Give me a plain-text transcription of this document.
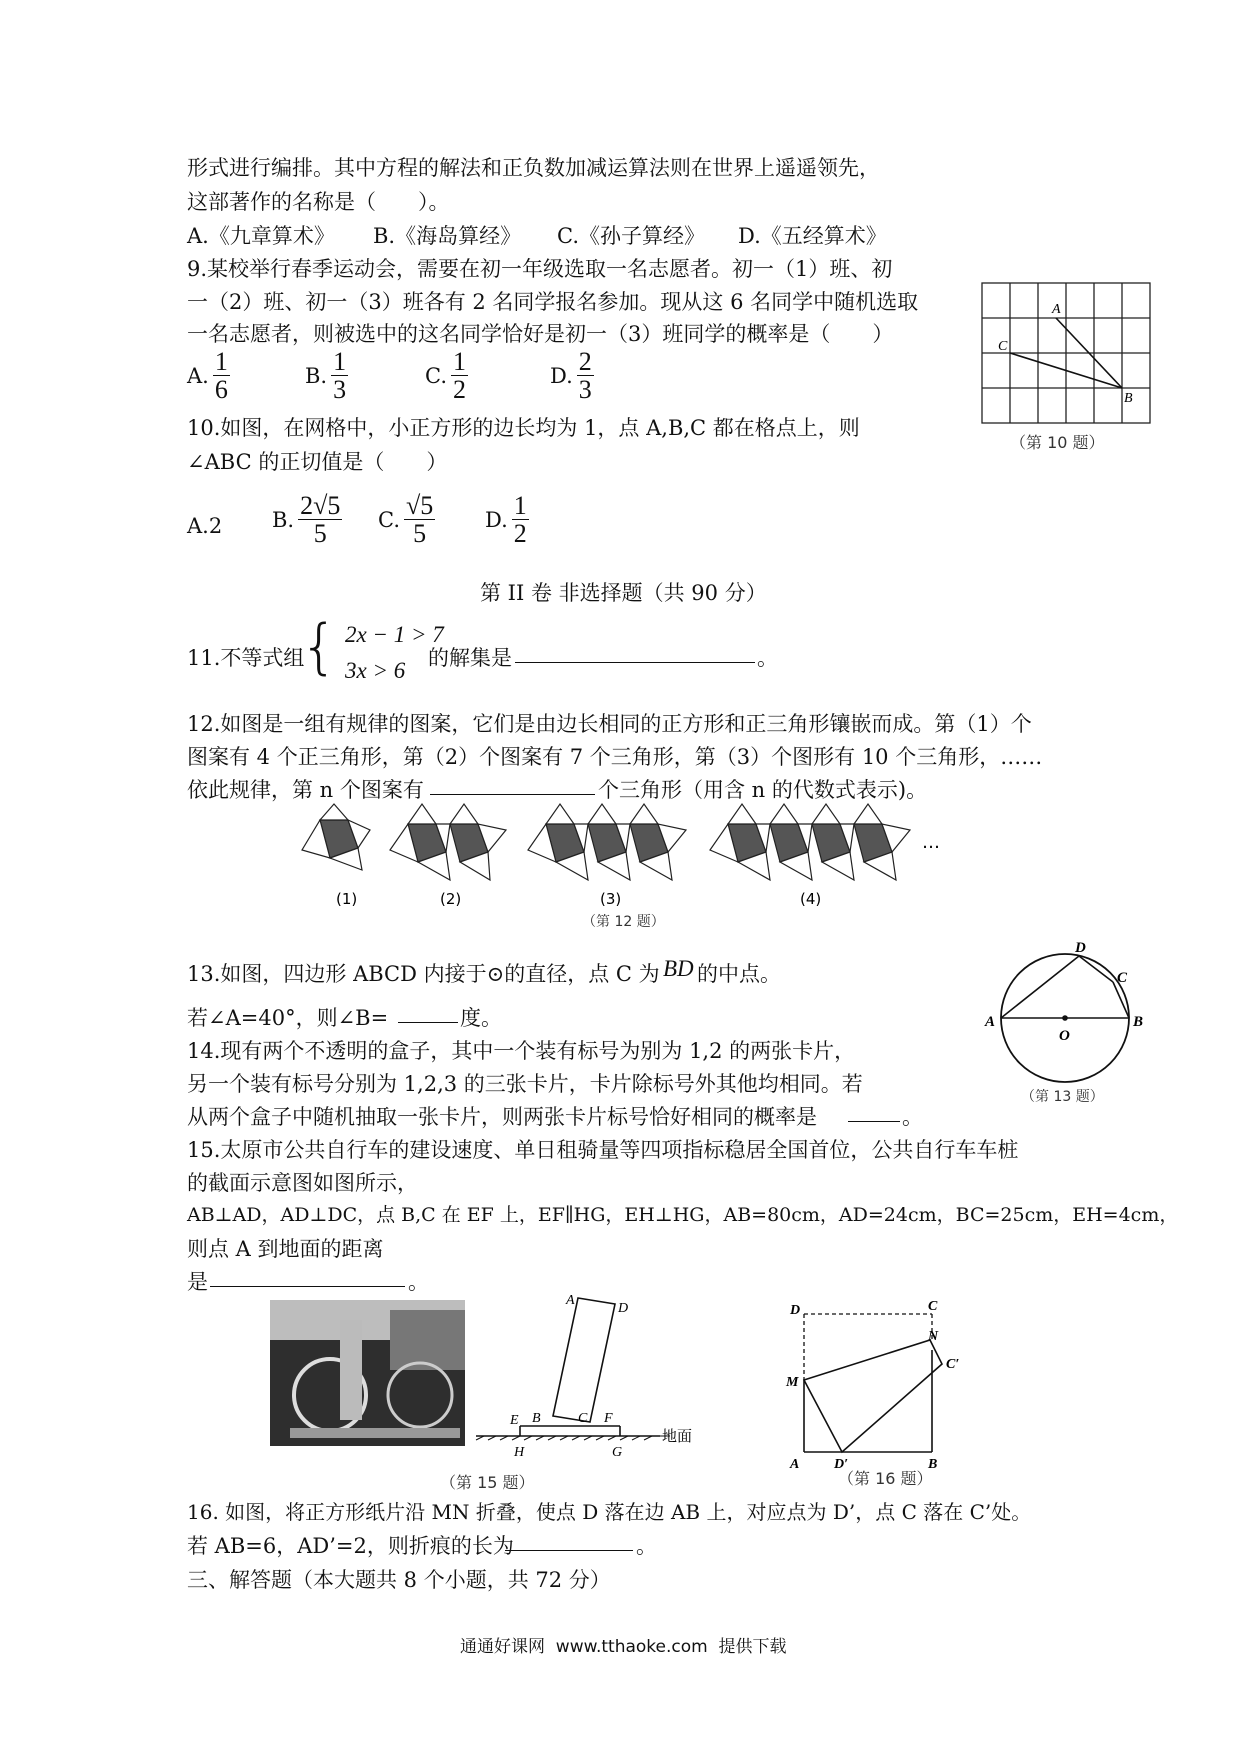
形式进行编排。其中方程的解法和正负数加减运算法则在世界上遥遥领先，
这部著作的名称是（　　）。
A.《九章算术》 B.《海岛算经》 C.《孙子算经》 D.《五经算术》
9.某校举行春季运动会，需要在初一年级选取一名志愿者。初一（1）班、初
一（2）班、初一（3）班各有 2 名同学报名参加。现从这 6 名同学中随机选取
一名志愿者，则被选中的这名同学恰好是初一（3）班同学的概率是（　　）
A. $\frac{1}{6}$	B. $\frac{1}{3}$	C. $\frac{1}{2}$	D. $\frac{2}{3}$
A
C
B
（第 10 题）
10.如图，在网格中，小正方形的边长均为 1，点 A,B,C 都在格点上，则
∠ABC 的正切值是（　　）
A.2 B. $\frac{2√5}{5} C$. $\frac{√5}{5} D$. $\frac{1}{2}$
第 II 卷 非选择题（共 90 分）
11.不等式组
{ 2x − 1 > 7
3x > 6 的解集是	。
12.如图是一组有规律的图案，它们是由边长相同的正方形和正三角形镶嵌而成。第（1）个
图案有 4 个正三角形，第（2）个图案有 7 个三角形，第（3）个图形有 10 个三角形，……
依此规律，第 n 个图案有	个三角形（用含 n 的代数式表示)。
…
(1)	(2)	(3)	(4)
（第 12 题）
13.如图，四边形 ABCD 内接于⊙的直径，点 C 为 BD 的中点。
若∠A=40°，则∠B=	度。	A	B
C
D
O
（第 13 题）
14.现有两个不透明的盒子，其中一个装有标号为别为 1,2 的两张卡片，
另一个装有标号分别为 1,2,3 的三张卡片，卡片除标号外其他均相同。若
从两个盒子中随机抽取一张卡片，则两张卡片标号恰好相同的概率是	。
15.太原市公共自行车的建设速度、单日租骑量等四项指标稳居全国首位，公共自行车车桩
的截面示意图如图所示，
AB⊥AD，AD⊥DC，点 B,C 在 EF 上，EF∥HG，EH⊥HG，AB=80cm，AD=24cm，BC=25cm，EH=4cm，
则点 A 到地面的距离
是	。
A
D
E B	C F
H	G
地面
（第 15 题）
D	C
N
C′
M
A D′	B
（第 16 题）
16. 如图，将正方形纸片沿 MN 折叠，使点 D 落在边 AB 上，对应点为 D’，点 C 落在 C’处。
若 AB=6，AD’=2，则折痕的长为	。
三、解答题（本大题共 8 个小题，共 72 分）
通通好课网  www.tthaoke.com  提供下载
